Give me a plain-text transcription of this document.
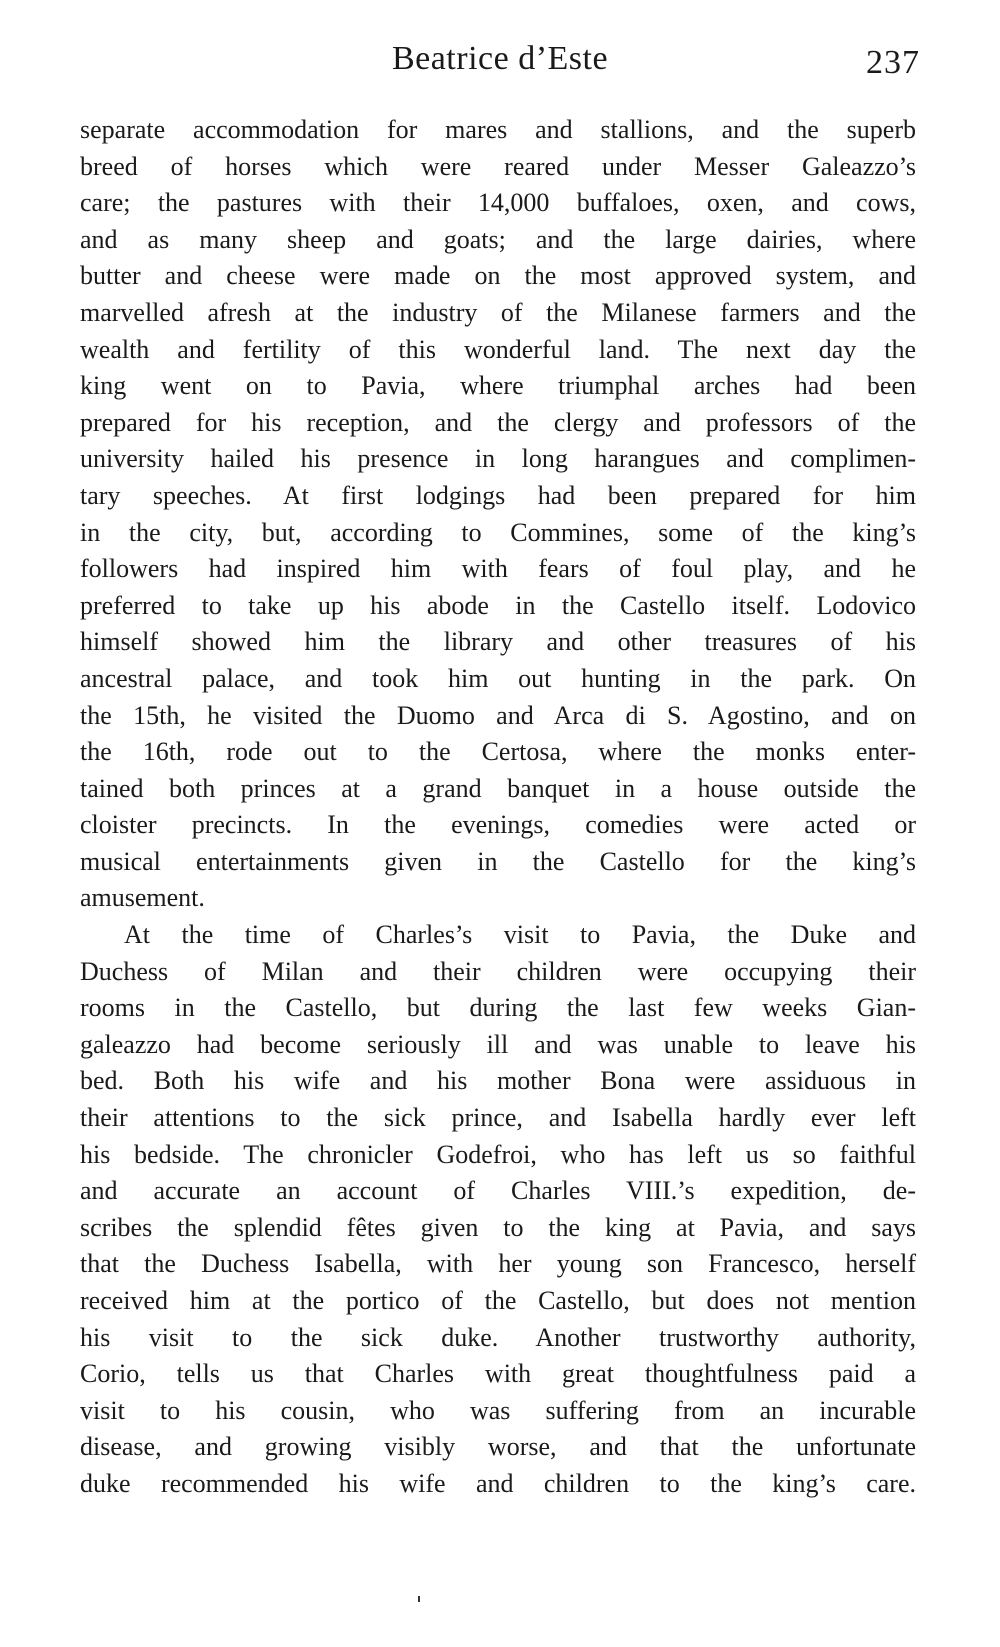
Beatrice d’Este	237
separate accommodation for mares and stallions, and the superb
breed of horses which were reared under Messer Galeazzo’s
care; the pastures with their 14,000 buffaloes, oxen, and cows,
and as many sheep and goats; and the large dairies, where
butter and cheese were made on the most approved system, and
marvelled afresh at the industry of the Milanese farmers and the
wealth and fertility of this wonderful land. The next day the
king went on to Pavia, where triumphal arches had been
prepared for his reception, and the clergy and professors of the
university hailed his presence in long harangues and complimen-
tary speeches. At first lodgings had been prepared for him
in the city, but, according to Commines, some of the king’s
followers had inspired him with fears of foul play, and he
preferred to take up his abode in the Castello itself. Lodovico
himself showed him the library and other treasures of his
ancestral palace, and took him out hunting in the park. On
the 15th, he visited the Duomo and Arca di S. Agostino, and on
the 16th, rode out to the Certosa, where the monks enter-
tained both princes at a grand banquet in a house outside the
cloister precincts. In the evenings, comedies were acted or
musical entertainments given in the Castello for the king’s
amusement.
At the time of Charles’s visit to Pavia, the Duke and
Duchess of Milan and their children were occupying their
rooms in the Castello, but during the last few weeks Gian-
galeazzo had become seriously ill and was unable to leave his
bed. Both his wife and his mother Bona were assiduous in
their attentions to the sick prince, and Isabella hardly ever left
his bedside. The chronicler Godefroi, who has left us so faithful
and accurate an account of Charles VIII.’s expedition, de-
scribes the splendid fêtes given to the king at Pavia, and says
that the Duchess Isabella, with her young son Francesco, herself
received him at the portico of the Castello, but does not mention
his visit to the sick duke. Another trustworthy authority,
Corio, tells us that Charles with great thoughtfulness paid a
visit to his cousin, who was suffering from an incurable
disease, and growing visibly worse, and that the unfortunate
duke recommended his wife and children to the king’s care.
